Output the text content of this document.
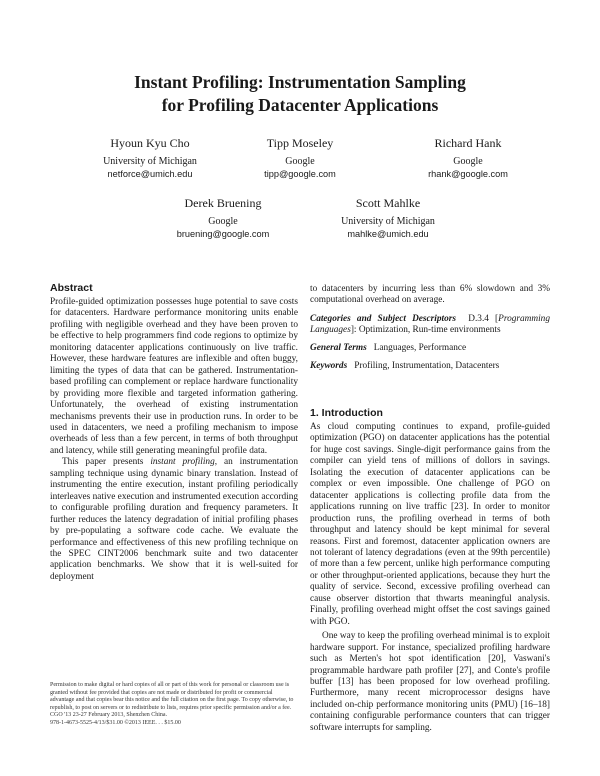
Instant Profiling: Instrumentation Sampling
for Profiling Datacenter Applications
Hyoun Kyu Cho
University of Michigan
netforce@umich.edu
Tipp Moseley
Google
tipp@google.com
Richard Hank
Google
rhank@google.com
Derek Bruening
Google
bruening@google.com
Scott Mahlke
University of Michigan
mahlke@umich.edu
Abstract

Profile-guided optimization possesses huge potential to save costs for datacenters. Hardware performance monitoring units enable profiling with negligible overhead and they have been proven to be effective to help programmers find code regions to optimize by monitoring datacenter applications continuously on live traffic. However, these hardware features are inflexible and often buggy, limiting the types of data that can be gathered. Instrumentation-based profiling can complement or replace hardware functionality by providing more flexible and targeted information gathering. Unfortunately, the overhead of existing instrumentation mechanisms prevents their use in production runs. In order to be used in datacenters, we need a profiling mechanism to impose overheads of less than a few percent, in terms of both throughput and latency, while still generating meaningful profile data.

This paper presents instant profiling, an instrumentation sampling technique using dynamic binary translation. Instead of instrumenting the entire execution, instant profiling periodically interleaves native execution and instrumented execution according to configurable profiling duration and frequency parameters. It further reduces the latency degradation of initial profiling phases by pre-populating a software code cache. We evaluate the performance and effectiveness of this new profiling technique on the SPEC CINT2006 benchmark suite and two datacenter application benchmarks. We show that it is well-suited for deployment

to datacenters by incurring less than 6% slowdown and 3% computational overhead on average.

Categories and Subject Descriptors D.3.4 [Programming Languages]: Optimization, Run-time environments

General Terms Languages, Performance

Keywords Profiling, Instrumentation, Datacenters

1. Introduction

As cloud computing continues to expand, profile-guided optimization (PGO) on datacenter applications has the potential for huge cost savings. Single-digit performance gains from the compiler can yield tens of millions of dollors in savings. Isolating the execution of datacenter applications can be complex or even impossible. One challenge of PGO on datacenter applications is collecting profile data from the applications running on live traffic [23]. In order to monitor production runs, the profiling overhead in terms of both throughput and latency should be kept minimal for several reasons. First and foremost, datacenter application owners are not tolerant of latency degradations (even at the 99th percentile) of more than a few percent, unlike high performance computing or other throughput-oriented applications, because they hurt the quality of service. Second, excessive profiling overhead can cause observer distortion that thwarts meaningful analysis. Finally, profiling overhead might offset the cost savings gained with PGO.

One way to keep the profiling overhead minimal is to exploit hardware support. For instance, specialized profiling hardware such as Merten's hot spot identification [20], Vaswani's programmable hardware path profiler [27], and Conte's profile buffer [13] has been proposed for low overhead profiling. Furthermore, many recent microprocessor designs have included on-chip performance monitoring units (PMU) [16–18] containing configurable performance counters that can trigger software interrupts for sampling.

Permission to make digital or hard copies of all or part of this work for personal or classroom use is granted without fee provided that copies are not made or distributed for profit or commercial advantage and that copies bear this notice and the full citation on the first page. To copy otherwise, to republish, to post on servers or to redistribute to lists, requires prior specific permission and/or a fee.

CGO '13 23-27 February 2013, Shenzhen China.

978-1-4673-5525-4/13/$31.00 ©2013 IEEE. . . $15.00
